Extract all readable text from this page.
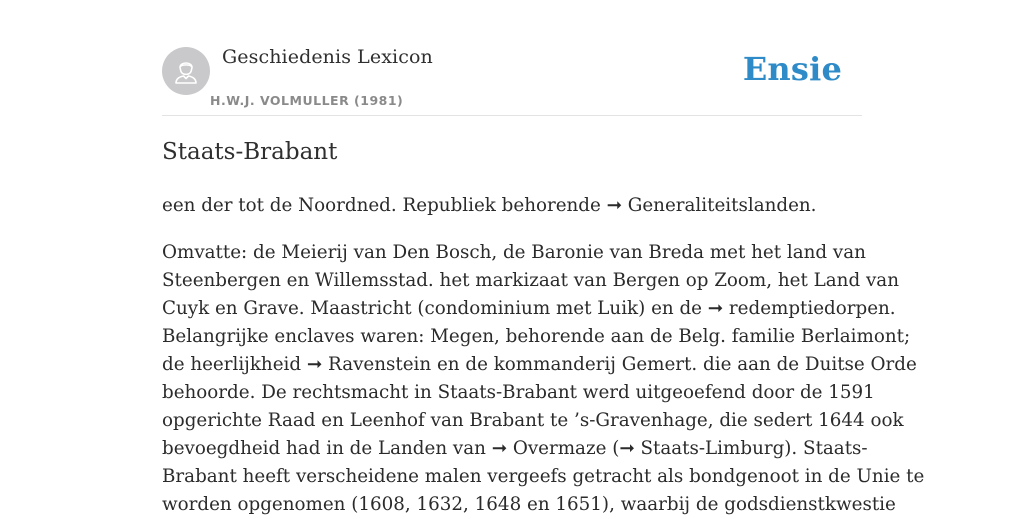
Geschiedenis Lexicon
H.W.J. VOLMULLER (1981)
Ensie
Staats-Brabant

een der tot de Noordned. Republiek behorende ➞ Generaliteitslanden.

Omvatte: de Meierij van Den Bosch, de Baronie van Breda met het land van
Steenbergen en Willemsstad. het markizaat van Bergen op Zoom, het Land van
Cuyk en Grave. Maastricht (condominium met Luik) en de ➞ redemptiedorpen.
Belangrijke enclaves waren: Megen, behorende aan de Belg. familie Berlaimont;
de heerlijkheid ➞ Ravenstein en de kommanderij Gemert. die aan de Duitse Orde
behoorde. De rechtsmacht in Staats-Brabant werd uitgeoefend door de 1591
opgerichte Raad en Leenhof van Brabant te ’s-Gravenhage, die sedert 1644 ook
bevoegdheid had in de Landen van ➞ Overmaze (➞ Staats-Limburg). Staats-
Brabant heeft verscheidene malen vergeefs getracht als bondgenoot in de Unie te
worden opgenomen (1608, 1632, 1648 en 1651), waarbij de godsdienstkwestie
